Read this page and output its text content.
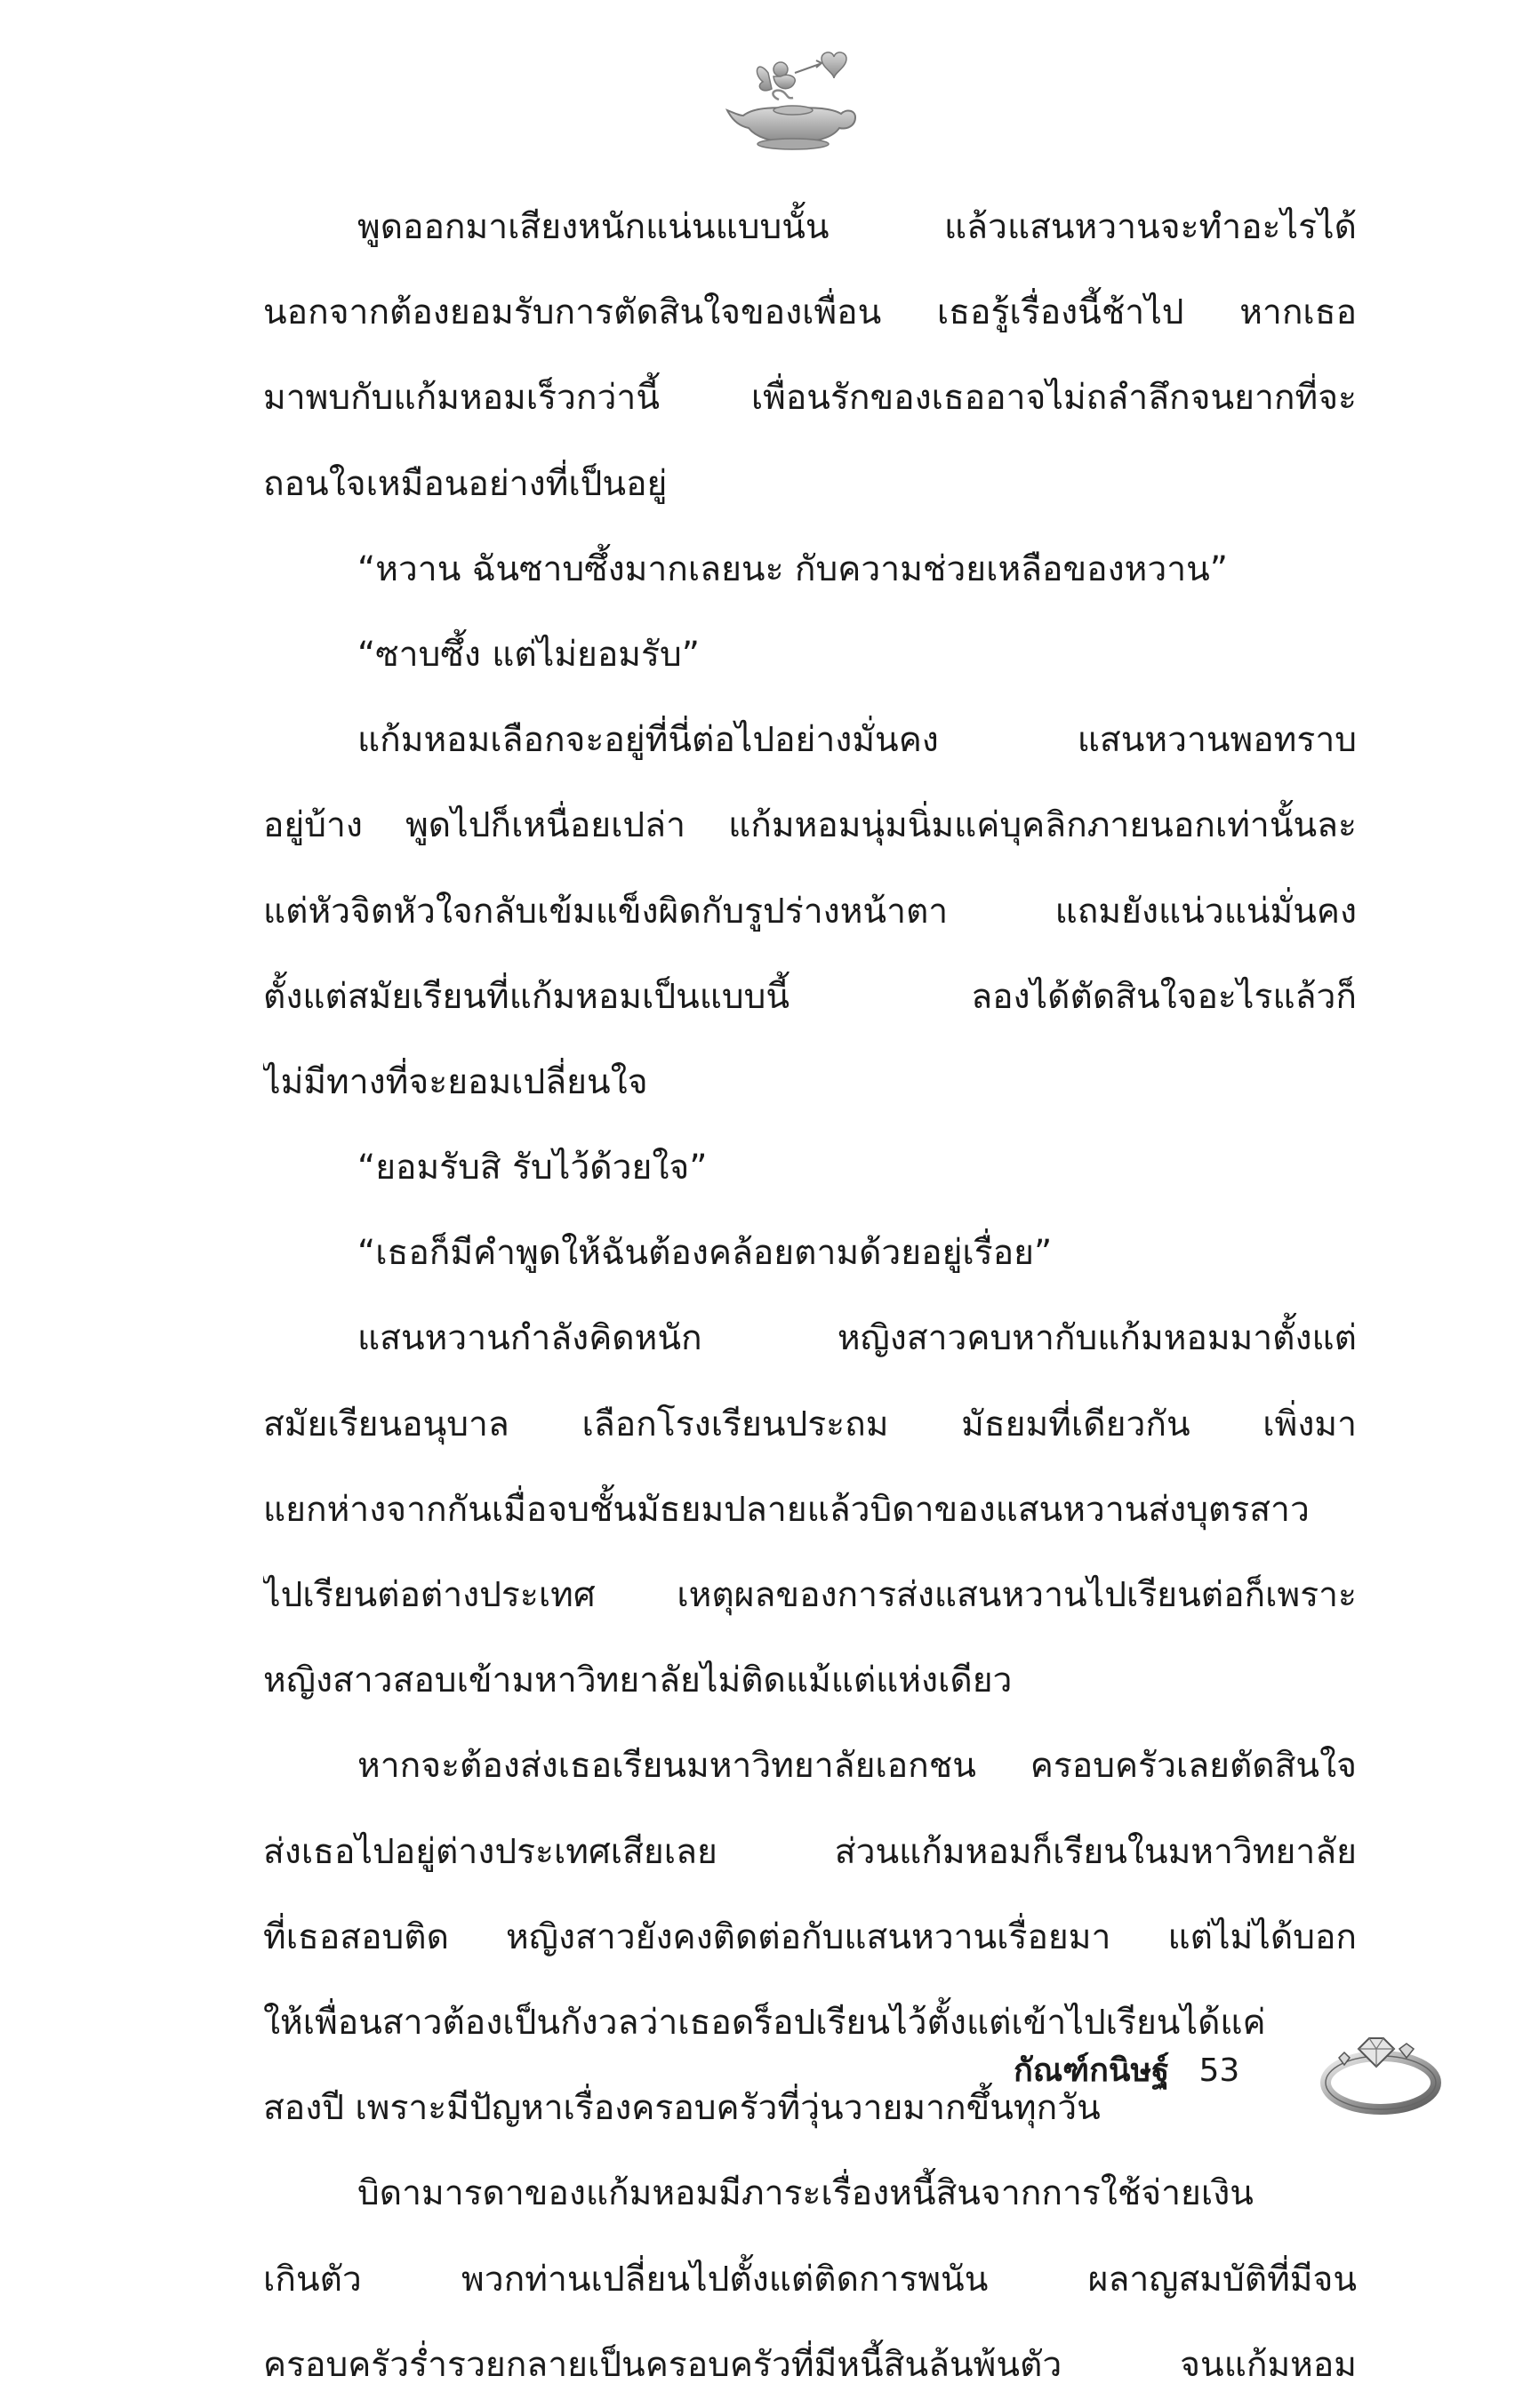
พูดออกมาเสียงหนักแน่นแบบนั้น แล้วแสนหวานจะทำอะไรได้
นอกจากต้องยอมรับการตัดสินใจของเพื่อน เธอรู้เรื่องนี้ช้าไป หากเธอ
มาพบกับแก้มหอมเร็วกว่านี้ เพื่อนรักของเธออาจไม่ถลำลึกจนยากที่จะ
ถอนใจเหมือนอย่างที่เป็นอยู่
“หวาน ฉันซาบซึ้งมากเลยนะ กับความช่วยเหลือของหวาน”
“ซาบซึ้ง แต่ไม่ยอมรับ”
แก้มหอมเลือกจะอยู่ที่นี่ต่อไปอย่างมั่นคง แสนหวานพอทราบ
อยู่บ้าง พูดไปก็เหนื่อยเปล่า แก้มหอมนุ่มนิ่มแค่บุคลิกภายนอกเท่านั้นละ
แต่หัวจิตหัวใจกลับเข้มแข็งผิดกับรูปร่างหน้าตา แถมยังแน่วแน่มั่นคง
ตั้งแต่สมัยเรียนที่แก้มหอมเป็นแบบนี้ ลองได้ตัดสินใจอะไรแล้วก็
ไม่มีทางที่จะยอมเปลี่ยนใจ
“ยอมรับสิ รับไว้ด้วยใจ”
“เธอก็มีคำพูดให้ฉันต้องคล้อยตามด้วยอยู่เรื่อย”
แสนหวานกำลังคิดหนัก หญิงสาวคบหากับแก้มหอมมาตั้งแต่
สมัยเรียนอนุบาล เลือกโรงเรียนประถม มัธยมที่เดียวกัน เพิ่งมา
แยกห่างจากกันเมื่อจบชั้นมัธยมปลายแล้วบิดาของแสนหวานส่งบุตรสาว
ไปเรียนต่อต่างประเทศ เหตุผลของการส่งแสนหวานไปเรียนต่อก็เพราะ
หญิงสาวสอบเข้ามหาวิทยาลัยไม่ติดแม้แต่แห่งเดียว
หากจะต้องส่งเธอเรียนมหาวิทยาลัยเอกชน ครอบครัวเลยตัดสินใจ
ส่งเธอไปอยู่ต่างประเทศเสียเลย ส่วนแก้มหอมก็เรียนในมหาวิทยาลัย
ที่เธอสอบติด หญิงสาวยังคงติดต่อกับแสนหวานเรื่อยมา แต่ไม่ได้บอก
ให้เพื่อนสาวต้องเป็นกังวลว่าเธอดร็อปเรียนไว้ตั้งแต่เข้าไปเรียนได้แค่
สองปี เพราะมีปัญหาเรื่องครอบครัวที่วุ่นวายมากขึ้นทุกวัน
บิดามารดาของแก้มหอมมีภาระเรื่องหนี้สินจากการใช้จ่ายเงิน
เกินตัว พวกท่านเปลี่ยนไปตั้งแต่ติดการพนัน ผลาญสมบัติที่มีจน
ครอบครัวร่ำรวยกลายเป็นครอบครัวที่มีหนี้สินล้นพ้นตัว จนแก้มหอม
กัณฑ์กนิษฐ์ 53
